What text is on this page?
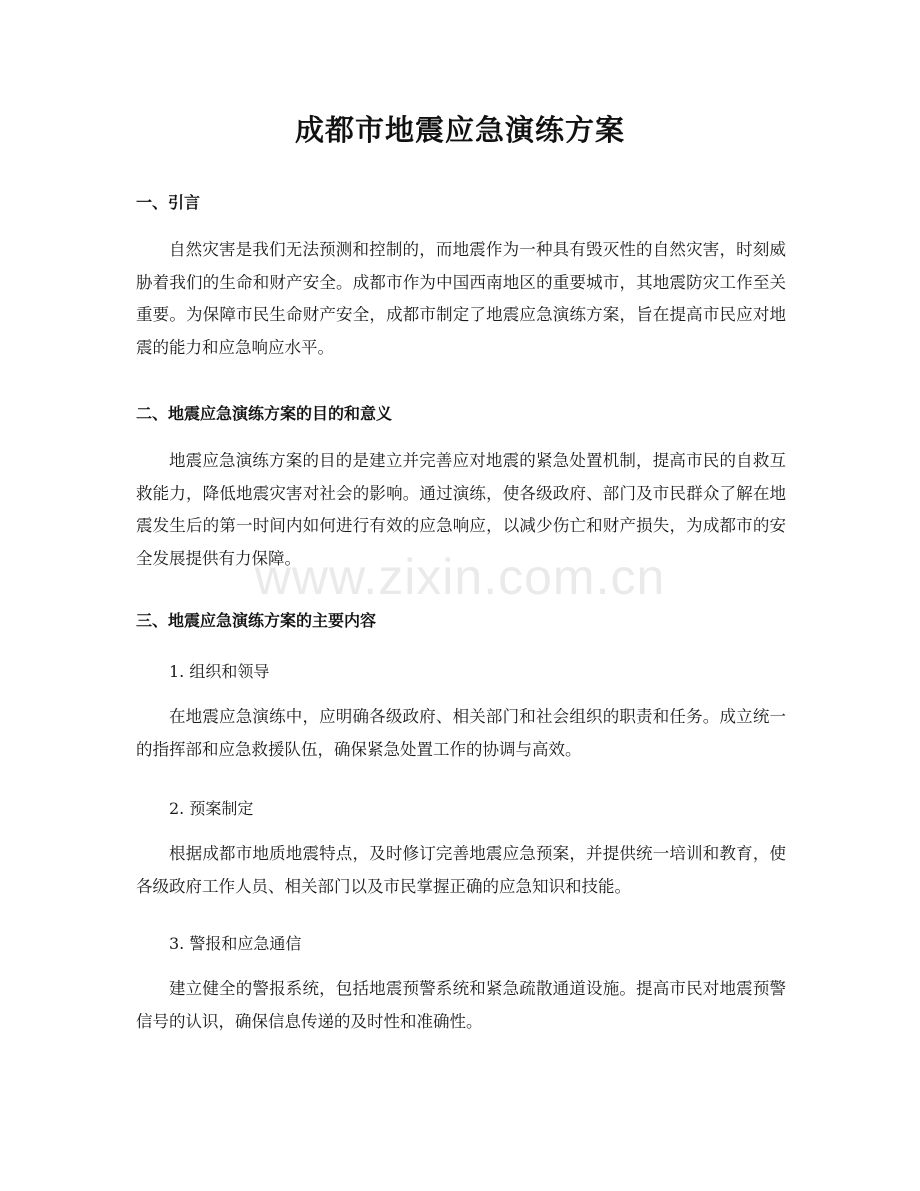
www.zixin.com.cn
成都市地震应急演练方案
一、引言
自然灾害是我们无法预测和控制的，而地震作为一种具有毁灭性的自然灾害，时刻威胁着我们的生命和财产安全。成都市作为中国西南地区的重要城市，其地震防灾工作至关重要。为保障市民生命财产安全，成都市制定了地震应急演练方案，旨在提高市民应对地震的能力和应急响应水平。
二、地震应急演练方案的目的和意义
地震应急演练方案的目的是建立并完善应对地震的紧急处置机制，提高市民的自救互救能力，降低地震灾害对社会的影响。通过演练，使各级政府、部门及市民群众了解在地震发生后的第一时间内如何进行有效的应急响应，以减少伤亡和财产损失，为成都市的安全发展提供有力保障。
三、地震应急演练方案的主要内容
1. 组织和领导
在地震应急演练中，应明确各级政府、相关部门和社会组织的职责和任务。成立统一的指挥部和应急救援队伍，确保紧急处置工作的协调与高效。
2. 预案制定
根据成都市地质地震特点，及时修订完善地震应急预案，并提供统一培训和教育，使各级政府工作人员、相关部门以及市民掌握正确的应急知识和技能。
3. 警报和应急通信
建立健全的警报系统，包括地震预警系统和紧急疏散通道设施。提高市民对地震预警信号的认识，确保信息传递的及时性和准确性。
